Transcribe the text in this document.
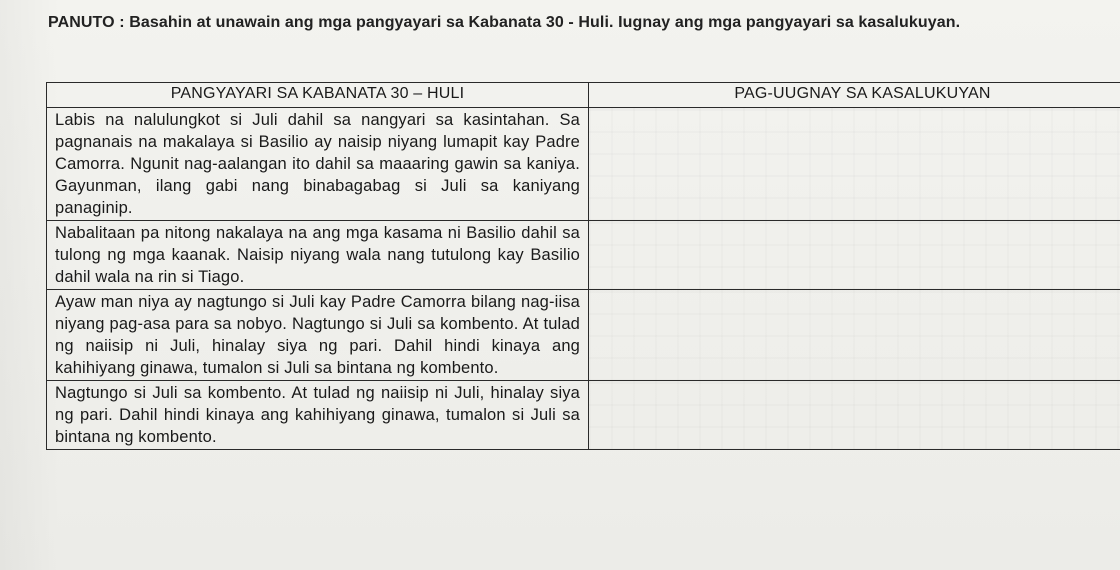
PANUTO : Basahin at unawain ang mga pangyayari sa Kabanata 30 - Huli. Iugnay ang mga pangyayari sa kasalukuyan.
PANGYAYARI SA KABANATA 30 – HULI	PAG-UUGNAY SA KASALUKUYAN
Labis na nalulungkot si Juli dahil sa nangyari sa kasintahan. Sa pagnanais na makalaya si Basilio ay naisip niyang lumapit kay Padre Camorra. Ngunit nag-aalangan ito dahil sa maaaring gawin sa kaniya. Gayunman, ilang gabi nang binabagabag si Juli sa kaniyang panaginip.	
Nabalitaan pa nitong nakalaya na ang mga kasama ni Basilio dahil sa tulong ng mga kaanak. Naisip niyang wala nang tutulong kay Basilio dahil wala na rin si Tiago.	
Ayaw man niya ay nagtungo si Juli kay Padre Camorra bilang nag-iisa niyang pag-asa para sa nobyo. Nagtungo si Juli sa kombento. At tulad ng naiisip ni Juli, hinalay siya ng pari. Dahil hindi kinaya ang kahihiyang ginawa, tumalon si Juli sa bintana ng kombento.	
Nagtungo si Juli sa kombento. At tulad ng naiisip ni Juli, hinalay siya ng pari. Dahil hindi kinaya ang kahihiyang ginawa, tumalon si Juli sa bintana ng kombento.	
